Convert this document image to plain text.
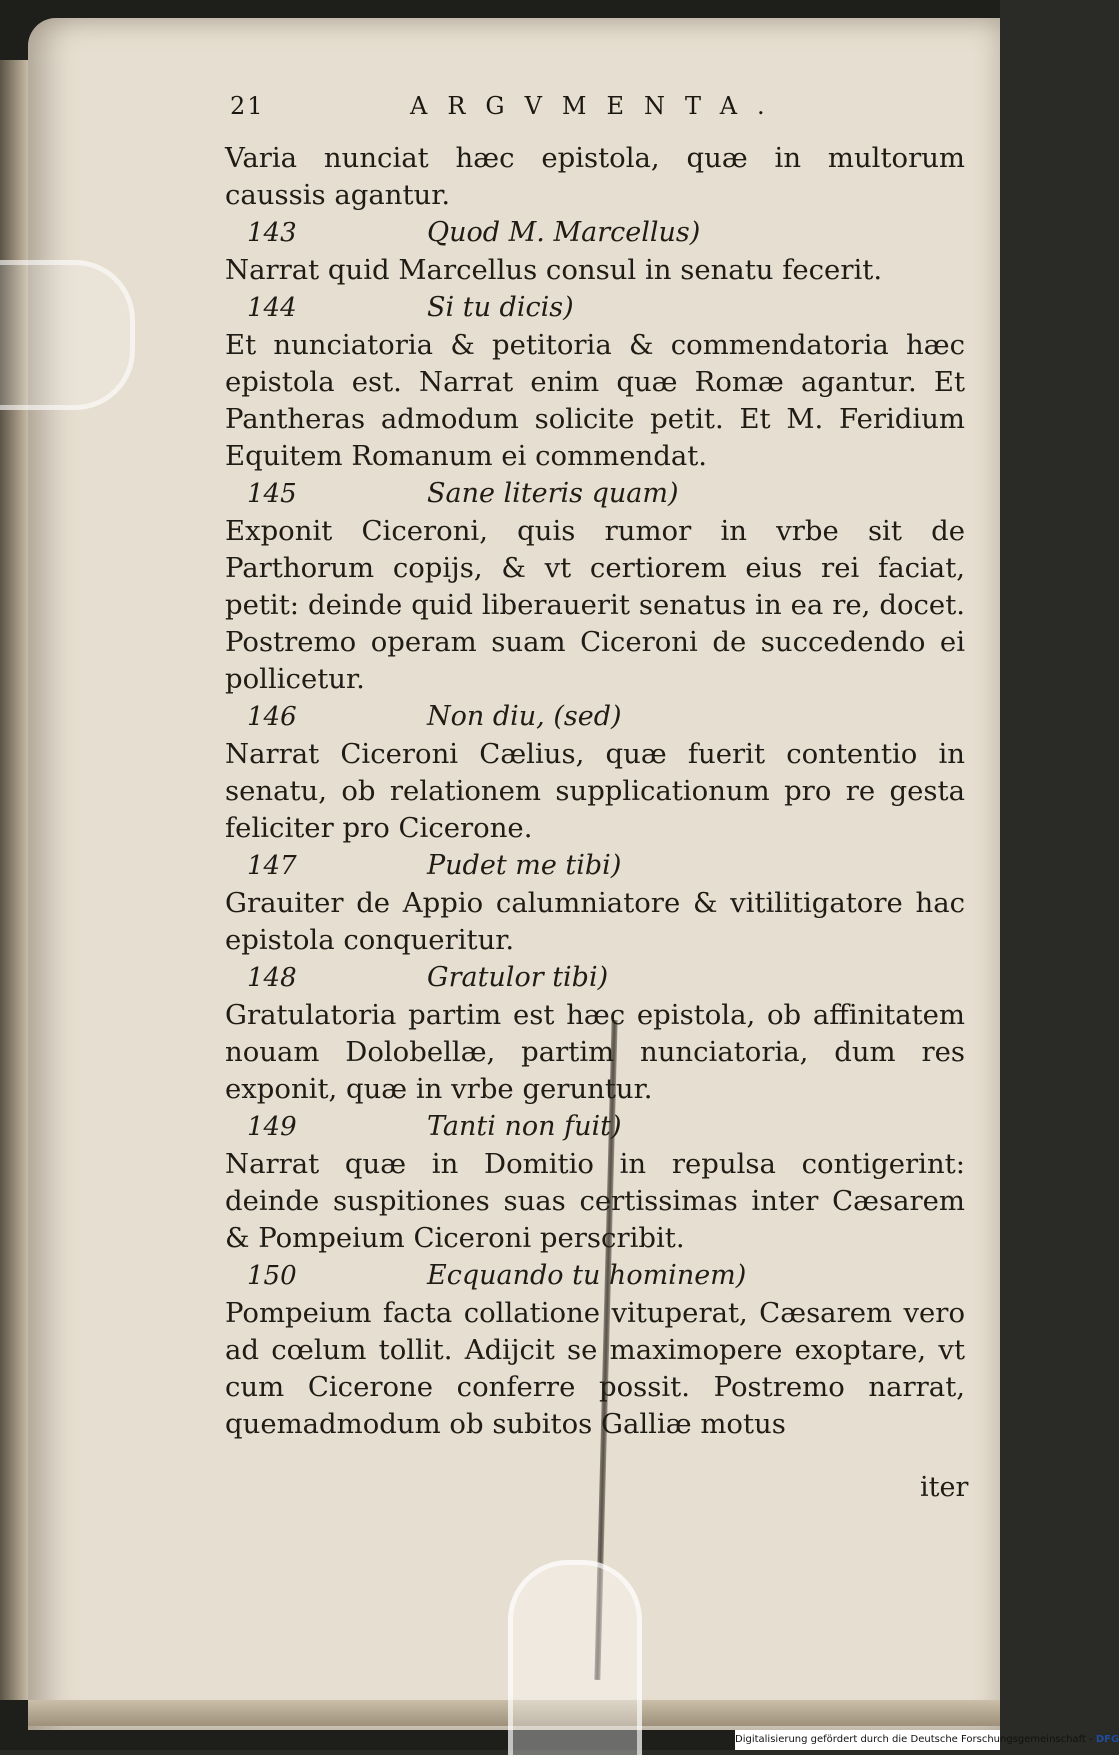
21	ARGVMENTA.

Varia nunciat hæc epistola, quæ in multorum caussis agantur.

143	Quod M. Marcellus)

Narrat quid Marcellus consul in senatu fecerit.

144	Si tu dicis)

Et nunciatoria & petitoria & commendatoria hæc epistola est. Narrat enim quæ Romæ agantur. Et Pantheras admodum solicite petit. Et M. Feridium Equitem Romanum ei commendat.

145	Sane literis quam)

Exponit Ciceroni, quis rumor in vrbe sit de Parthorum copijs, & vt certiorem eius rei faciat, petit: deinde quid liberauerit senatus in ea re, docet. Postremo operam suam Ciceroni de succedendo ei pollicetur.

146	Non diu, (sed)

Narrat Ciceroni Cælius, quæ fuerit contentio in senatu, ob relationem supplicationum pro re gesta feliciter pro Cicerone.

147	Pudet me tibi)

Grauiter de Appio calumniatore & vitilitigatore hac epistola conqueritur.

148	Gratulor tibi)

Gratulatoria partim est hæc epistola, ob affinitatem nouam Dolobellæ, partim nunciatoria, dum res exponit, quæ in vrbe geruntur.

149	Tanti non fuit)

Narrat quæ in Domitio in repulsa contigerint: deinde suspitiones suas certissimas inter Cæsarem & Pompeium Ciceroni perscribit.

150	Ecquando tu hominem)

Pompeium facta collatione vituperat, Cæsarem vero ad cœlum tollit. Adijcit se maximopere exoptare, vt cum Cicerone conferre possit. Postremo narrat, quemadmodum ob subitos Galliæ motus

iter
Digitalisierung gefördert durch die Deutsche Forschungsgemeinschaft - DFG
